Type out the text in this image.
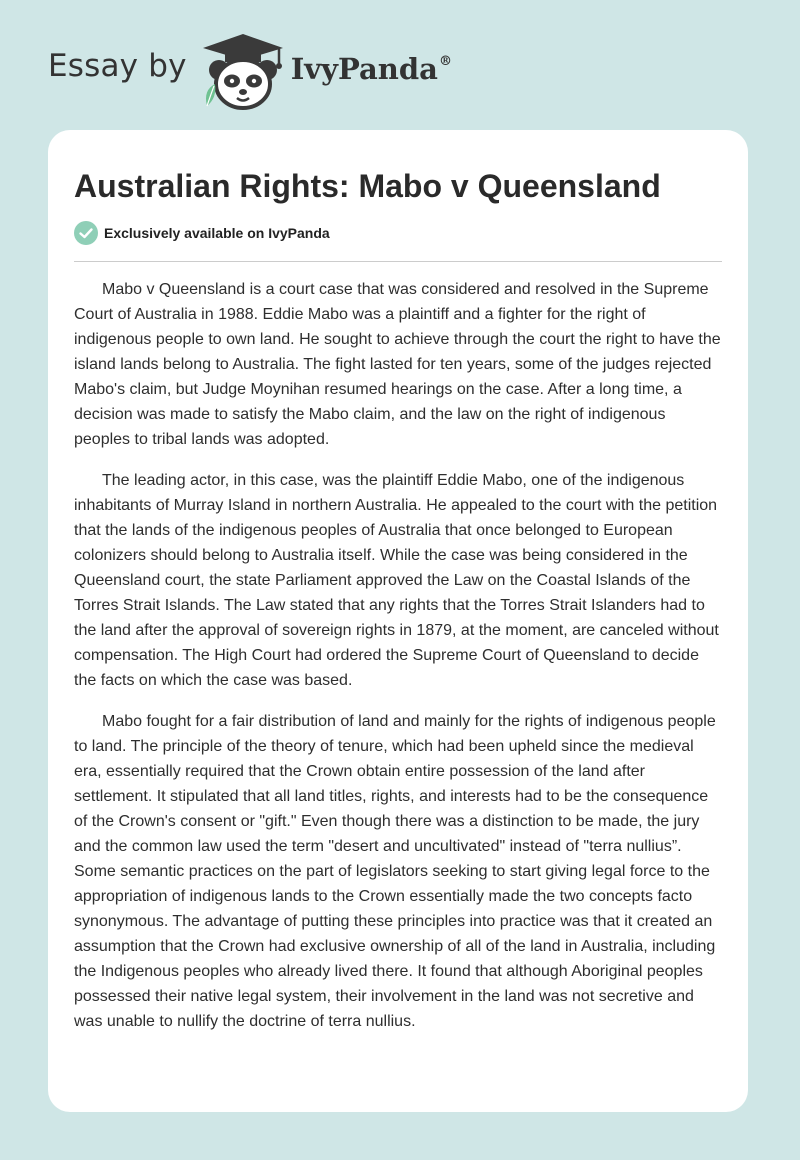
Essay by	IvyPanda®
Australian Rights: Mabo v Queensland
Exclusively available on IvyPanda

Mabo v Queensland is a court case that was considered and resolved in the Supreme Court of Australia in 1988. Eddie Mabo was a plaintiff and a fighter for the right of indigenous people to own land. He sought to achieve through the court the right to have the island lands belong to Australia. The fight lasted for ten years, some of the judges rejected Mabo's claim, but Judge Moynihan resumed hearings on the case. After a long time, a decision was made to satisfy the Mabo claim, and the law on the right of indigenous peoples to tribal lands was adopted.

The leading actor, in this case, was the plaintiff Eddie Mabo, one of the indigenous inhabitants of Murray Island in northern Australia. He appealed to the court with the petition that the lands of the indigenous peoples of Australia that once belonged to European colonizers should belong to Australia itself. While the case was being considered in the Queensland court, the state Parliament approved the Law on the Coastal Islands of the Torres Strait Islands. The Law stated that any rights that the Torres Strait Islanders had to the land after the approval of sovereign rights in 1879, at the moment, are canceled without compensation. The High Court had ordered the Supreme Court of Queensland to decide the facts on which the case was based.

Mabo fought for a fair distribution of land and mainly for the rights of indigenous people to land. The principle of the theory of tenure, which had been upheld since the medieval era, essentially required that the Crown obtain entire possession of the land after settlement. It stipulated that all land titles, rights, and interests had to be the consequence of the Crown's consent or "gift." Even though there was a distinction to be made, the jury and the common law used the term "desert and uncultivated" instead of "terra nullius”. Some semantic practices on the part of legislators seeking to start giving legal force to the appropriation of indigenous lands to the Crown essentially made the two concepts facto synonymous. The advantage of putting these principles into practice was that it created an assumption that the Crown had exclusive ownership of all of the land in Australia, including the Indigenous peoples who already lived there. It found that although Aboriginal peoples possessed their native legal system, their involvement in the land was not secretive and was unable to nullify the doctrine of terra nullius.
